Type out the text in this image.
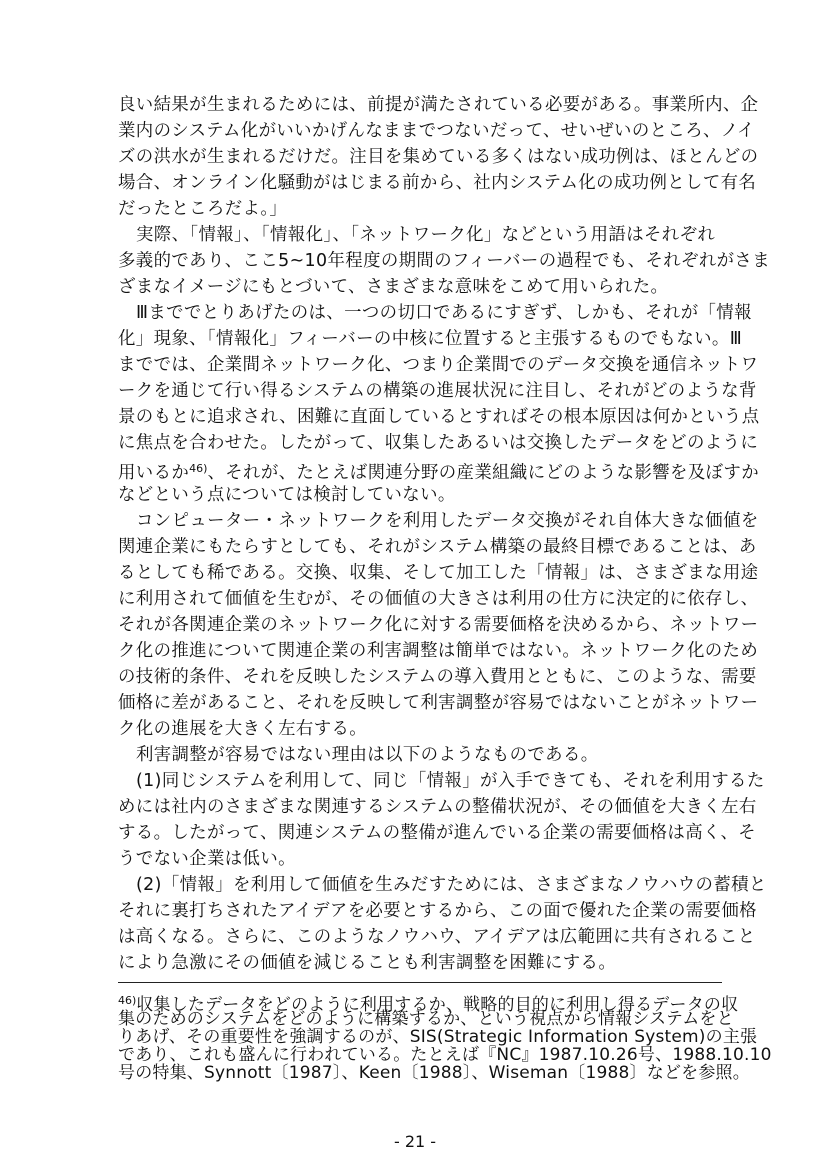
良い結果が生まれるためには、前提が満たされている必要がある。事業所内、企
業内のシステム化がいいかげんなままでつないだって、せいぜいのところ、ノイ
ズの洪水が生まれるだけだ。注目を集めている多くはない成功例は、ほとんどの
場合、オンライン化騒動がはじまる前から、社内システム化の成功例として有名
だったところだよ。」
実際、「情報」、「情報化」、「ネットワーク化」などという用語はそれぞれ
多義的であり、ここ5~10年程度の期間のフィーバーの過程でも、それぞれがさま
ざまなイメージにもとづいて、さまざまな意味をこめて用いられた。
Ⅲまででとりあげたのは、一つの切口であるにすぎず、しかも、それが「情報
化」現象、「情報化」フィーバーの中核に位置すると主張するものでもない。Ⅲ
まででは、企業間ネットワーク化、つまり企業間でのデータ交換を通信ネットワ
ークを通じて行い得るシステムの構築の進展状況に注目し、それがどのような背
景のもとに追求され、困難に直面しているとすればその根本原因は何かという点
に焦点を合わせた。したがって、収集したあるいは交換したデータをどのように
用いるか$^{46)}$、それが、たとえば関連分野の産業組織にどのような影響を及ぼすか
などという点については検討していない。
コンピューター・ネットワークを利用したデータ交換がそれ自体大きな価値を
関連企業にもたらすとしても、それがシステム構築の最終目標であることは、あ
るとしても稀である。交換、収集、そして加工した「情報」は、さまざまな用途
に利用されて価値を生むが、その価値の大きさは利用の仕方に決定的に依存し、
それが各関連企業のネットワーク化に対する需要価格を決めるから、ネットワー
ク化の推進について関連企業の利害調整は簡単ではない。ネットワーク化のため
の技術的条件、それを反映したシステムの導入費用とともに、このような、需要
価格に差があること、それを反映して利害調整が容易ではないことがネットワー
ク化の進展を大きく左右する。
利害調整が容易ではない理由は以下のようなものである。
(1)同じシステムを利用して、同じ「情報」が入手できても、それを利用するた
めには社内のさまざまな関連するシステムの整備状況が、その価値を大きく左右
する。したがって、関連システムの整備が進んでいる企業の需要価格は高く、そ
うでない企業は低い。
(2)「情報」を利用して価値を生みだすためには、さまざまなノウハウの蓄積と
それに裏打ちされたアイデアを必要とするから、この面で優れた企業の需要価格
は高くなる。さらに、このようなノウハウ、アイデアは広範囲に共有されること
により急激にその価値を減じることも利害調整を困難にする。
$^{46)}$収集したデータをどのように利用するか、戦略的目的に利用し得るデータの収
集のためのシステムをどのように構築するか、という視点から情報システムをと
りあげ、その重要性を強調するのが、SIS(Strategic Information System)の主張
であり、これも盛んに行われている。たとえば『NC』1987.10.26号、1988.10.10
号の特集、Synnott〔1987〕、Keen〔1988〕、Wiseman〔1988〕などを参照。
- 21 -
